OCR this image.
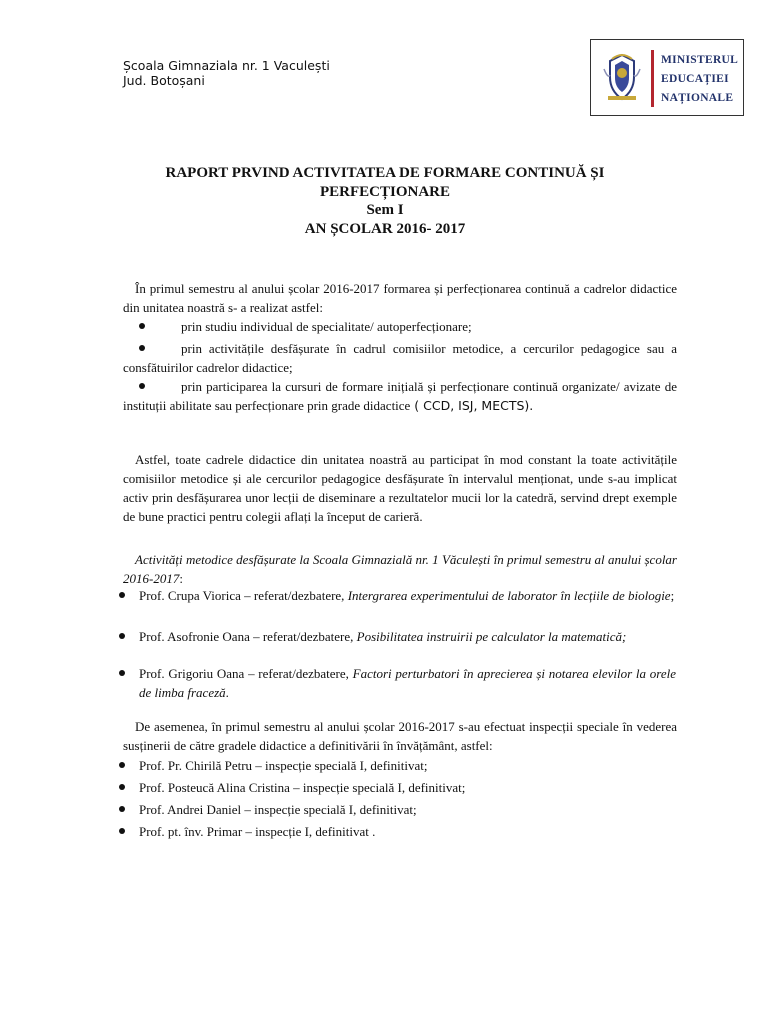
Școala Gimnaziala nr. 1 Vaculești
Jud. Botoșani
MINISTERUL
EDUCAȚIEI
NAȚIONALE
RAPORT PRVIND ACTIVITATEA DE FORMARE CONTINUĂ ȘI
PERFECȚIONARE
Sem I
AN ȘCOLAR 2016- 2017
În primul semestru al anului școlar 2016-2017 formarea și perfecționarea continuă a cadrelor didactice din unitatea noastră s- a realizat astfel:
prin studiu individual de specialitate/ autoperfecționare;
prin activitățile desfășurate în cadrul comisiilor metodice, a cercurilor pedagogice sau a consfătuirilor cadrelor didactice;
prin participarea la cursuri de formare inițială și perfecționare continuă organizate/ avizate de instituții abilitate sau perfecționare prin grade didactice ( CCD, ISJ, MECTS).
Astfel, toate cadrele didactice din unitatea noastră au participat în mod constant la toate activitățile comisiilor metodice și ale cercurilor pedagogice desfășurate în intervalul menționat, unde s-au implicat activ prin desfășurarea unor lecții de diseminare a rezultatelor mucii lor la catedră, servind drept exemple de bune practici pentru colegii aflați la început de carieră.
Activități metodice desfășurate la Scoala Gimnazială nr. 1 Văculești în primul semestru al anului școlar 2016-2017:
Prof. Crupa Viorica – referat/dezbatere, Intergrarea experimentului de laborator în lecțiile de biologie;
Prof. Asofronie Oana – referat/dezbatere, Posibilitatea instruirii pe calculator la matematică;
Prof. Grigoriu Oana – referat/dezbatere, Factori perturbatori în aprecierea și notarea elevilor la orele de limba fraceză.
De asemenea, în primul semestru al anului școlar 2016-2017 s-au efectuat inspecții speciale în vederea susținerii de către gradele didactice a definitivării în învățământ, astfel:
Prof. Pr. Chirilă Petru – inspecție specială I, definitivat;
Prof. Posteucă Alina Cristina – inspecție specială I, definitivat;
Prof. Andrei Daniel – inspecție specială I, definitivat;
Prof. pt. înv. Primar – inspecție I, definitivat .
